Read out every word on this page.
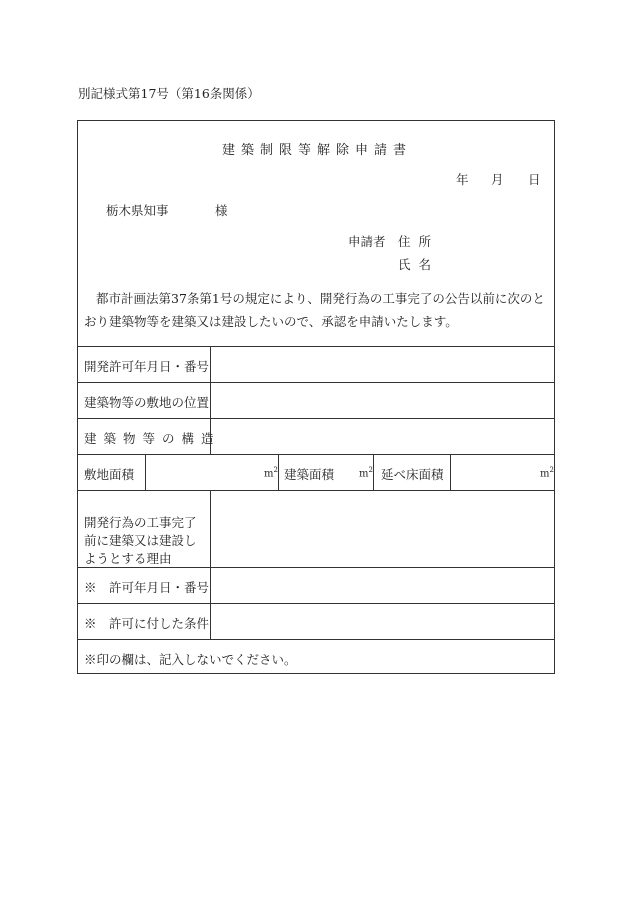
別記様式第17号（第16条関係）
建築制限等解除申請書
年 月 日
栃木県知事	様
申請者 住所
氏名
都市計画法第37条第1号の規定により、開発行為の工事完了の公告以前に次のとおり建築物等を建築又は建設したいので、承認を申請いたします。
開発許可年月日・番号
建築物等の敷地の位置
建築物等の構造
敷地面積	$m^2$ 建築面積 $m^2$ 延べ床面積	$m^2$
開発行為の工事完了前に建築又は建設しようとする理由
※　許可年月日・番号
※　許可に付した条件
※印の欄は、記入しないでください。
